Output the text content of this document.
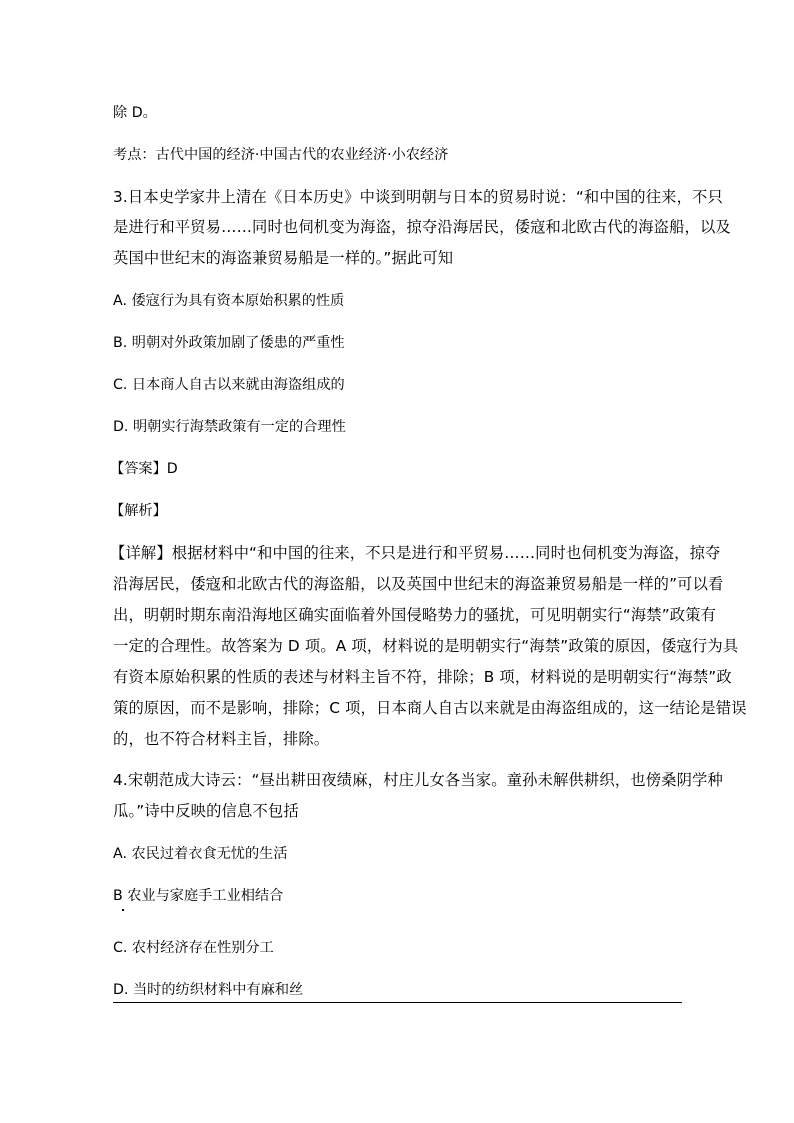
除 D。
考点：古代中国的经济·中国古代的农业经济·小农经济
3.日本史学家井上清在《日本历史》中谈到明朝与日本的贸易时说：“和中国的往来，不只
是进行和平贸易……同时也伺机变为海盗，掠夺沿海居民，倭寇和北欧古代的海盗船，以及
英国中世纪末的海盗兼贸易船是一样的。”据此可知
A. 倭寇行为具有资本原始积累的性质
B. 明朝对外政策加剧了倭患的严重性
C. 日本商人自古以来就由海盗组成的
D. 明朝实行海禁政策有一定的合理性
【答案】D
【解析】
【详解】根据材料中“和中国的往来，不只是进行和平贸易……同时也伺机变为海盗，掠夺
沿海居民，倭寇和北欧古代的海盗船，以及英国中世纪末的海盗兼贸易船是一样的”可以看
出，明朝时期东南沿海地区确实面临着外国侵略势力的骚扰，可见明朝实行“海禁”政策有
一定的合理性。故答案为 D 项。A 项，材料说的是明朝实行“海禁”政策的原因，倭寇行为具
有资本原始积累的性质的表述与材料主旨不符，排除；B 项，材料说的是明朝实行“海禁”政
策的原因，而不是影响，排除；C 项，日本商人自古以来就是由海盗组成的，这一结论是错误
的，也不符合材料主旨，排除。
4.宋朝范成大诗云：“昼出耕田夜绩麻，村庄儿女各当家。童孙未解供耕织，也傍桑阴学种
瓜。”诗中反映的信息不包括
A. 农民过着衣食无忧的生活
B 农业与家庭手工业相结合
C. 农村经济存在性别分工
D. 当时的纺织材料中有麻和丝
